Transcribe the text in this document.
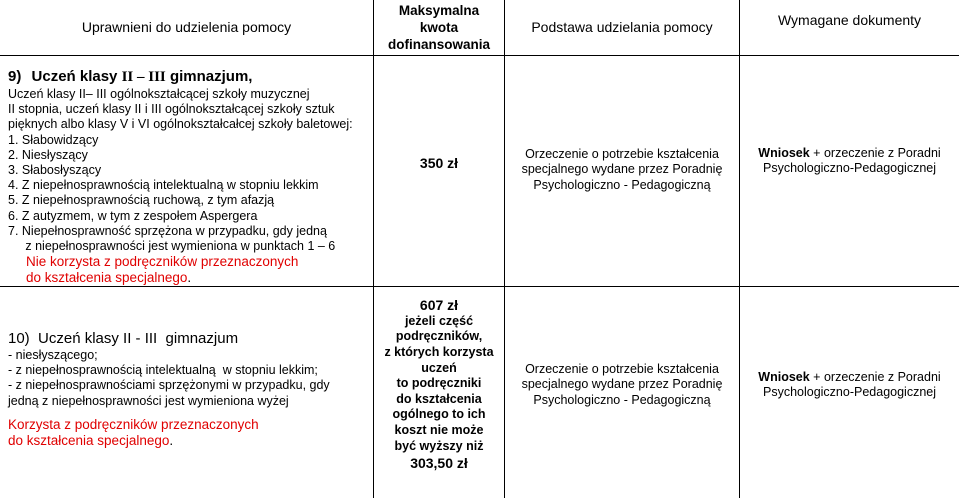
Uprawnieni do udzielenia pomocy
Maksymalna
kwota
dofinansowania
Podstawa udzielania pomocy	Wymagane dokumenty
9) Uczeń klasy II – III gimnazjum,
Uczeń klasy II– III ogólnokształcącej szkoły muzycznej
II stopnia, uczeń klasy II i III ogólnokształcącej szkoły sztuk
pięknych albo klasy V i VI ogólnokształcałcej szkoły baletowej:
1. Słabowidzący
2. Niesłyszący
3. Słabosłyszący
4. Z niepełnosprawnością intelektualną w stopniu lekkim
5. Z niepełnosprawnością ruchową, z tym afazją
6. Z autyzmem, w tym z zespołem Aspergera
7. Niepełnosprawność sprzężona w przypadku, gdy jedną
z niepełnosprawności jest wymieniona w punktach 1 – 6
Nie korzysta z podręczników przeznaczonych
do kształcenia specjalnego.
350 zł
Orzeczenie o potrzebie kształcenia
specjalnego wydane przez Poradnię
Psychologiczno - Pedagogiczną
Wniosek + orzeczenie z Poradni
Psychologiczno-Pedagogicznej
10)  Uczeń klasy II - III  gimnazjum
- niesłyszącego;
- z niepełnosprawnością intelektualną  w stopniu lekkim;
- z niepełnosprawnościami sprzężonymi w przypadku, gdy
jedną z niepełnosprawności jest wymieniona wyżej
Korzysta z podręczników przeznaczonych
do kształcenia specjalnego.
607 zł
jeżeli część
podręczników,
z których korzysta
uczeń
to podręczniki
do kształcenia
ogólnego to ich
koszt nie może
być wyższy niż
303,50 zł
Orzeczenie o potrzebie kształcenia
specjalnego wydane przez Poradnię
Psychologiczno - Pedagogiczną
Wniosek + orzeczenie z Poradni
Psychologiczno-Pedagogicznej
